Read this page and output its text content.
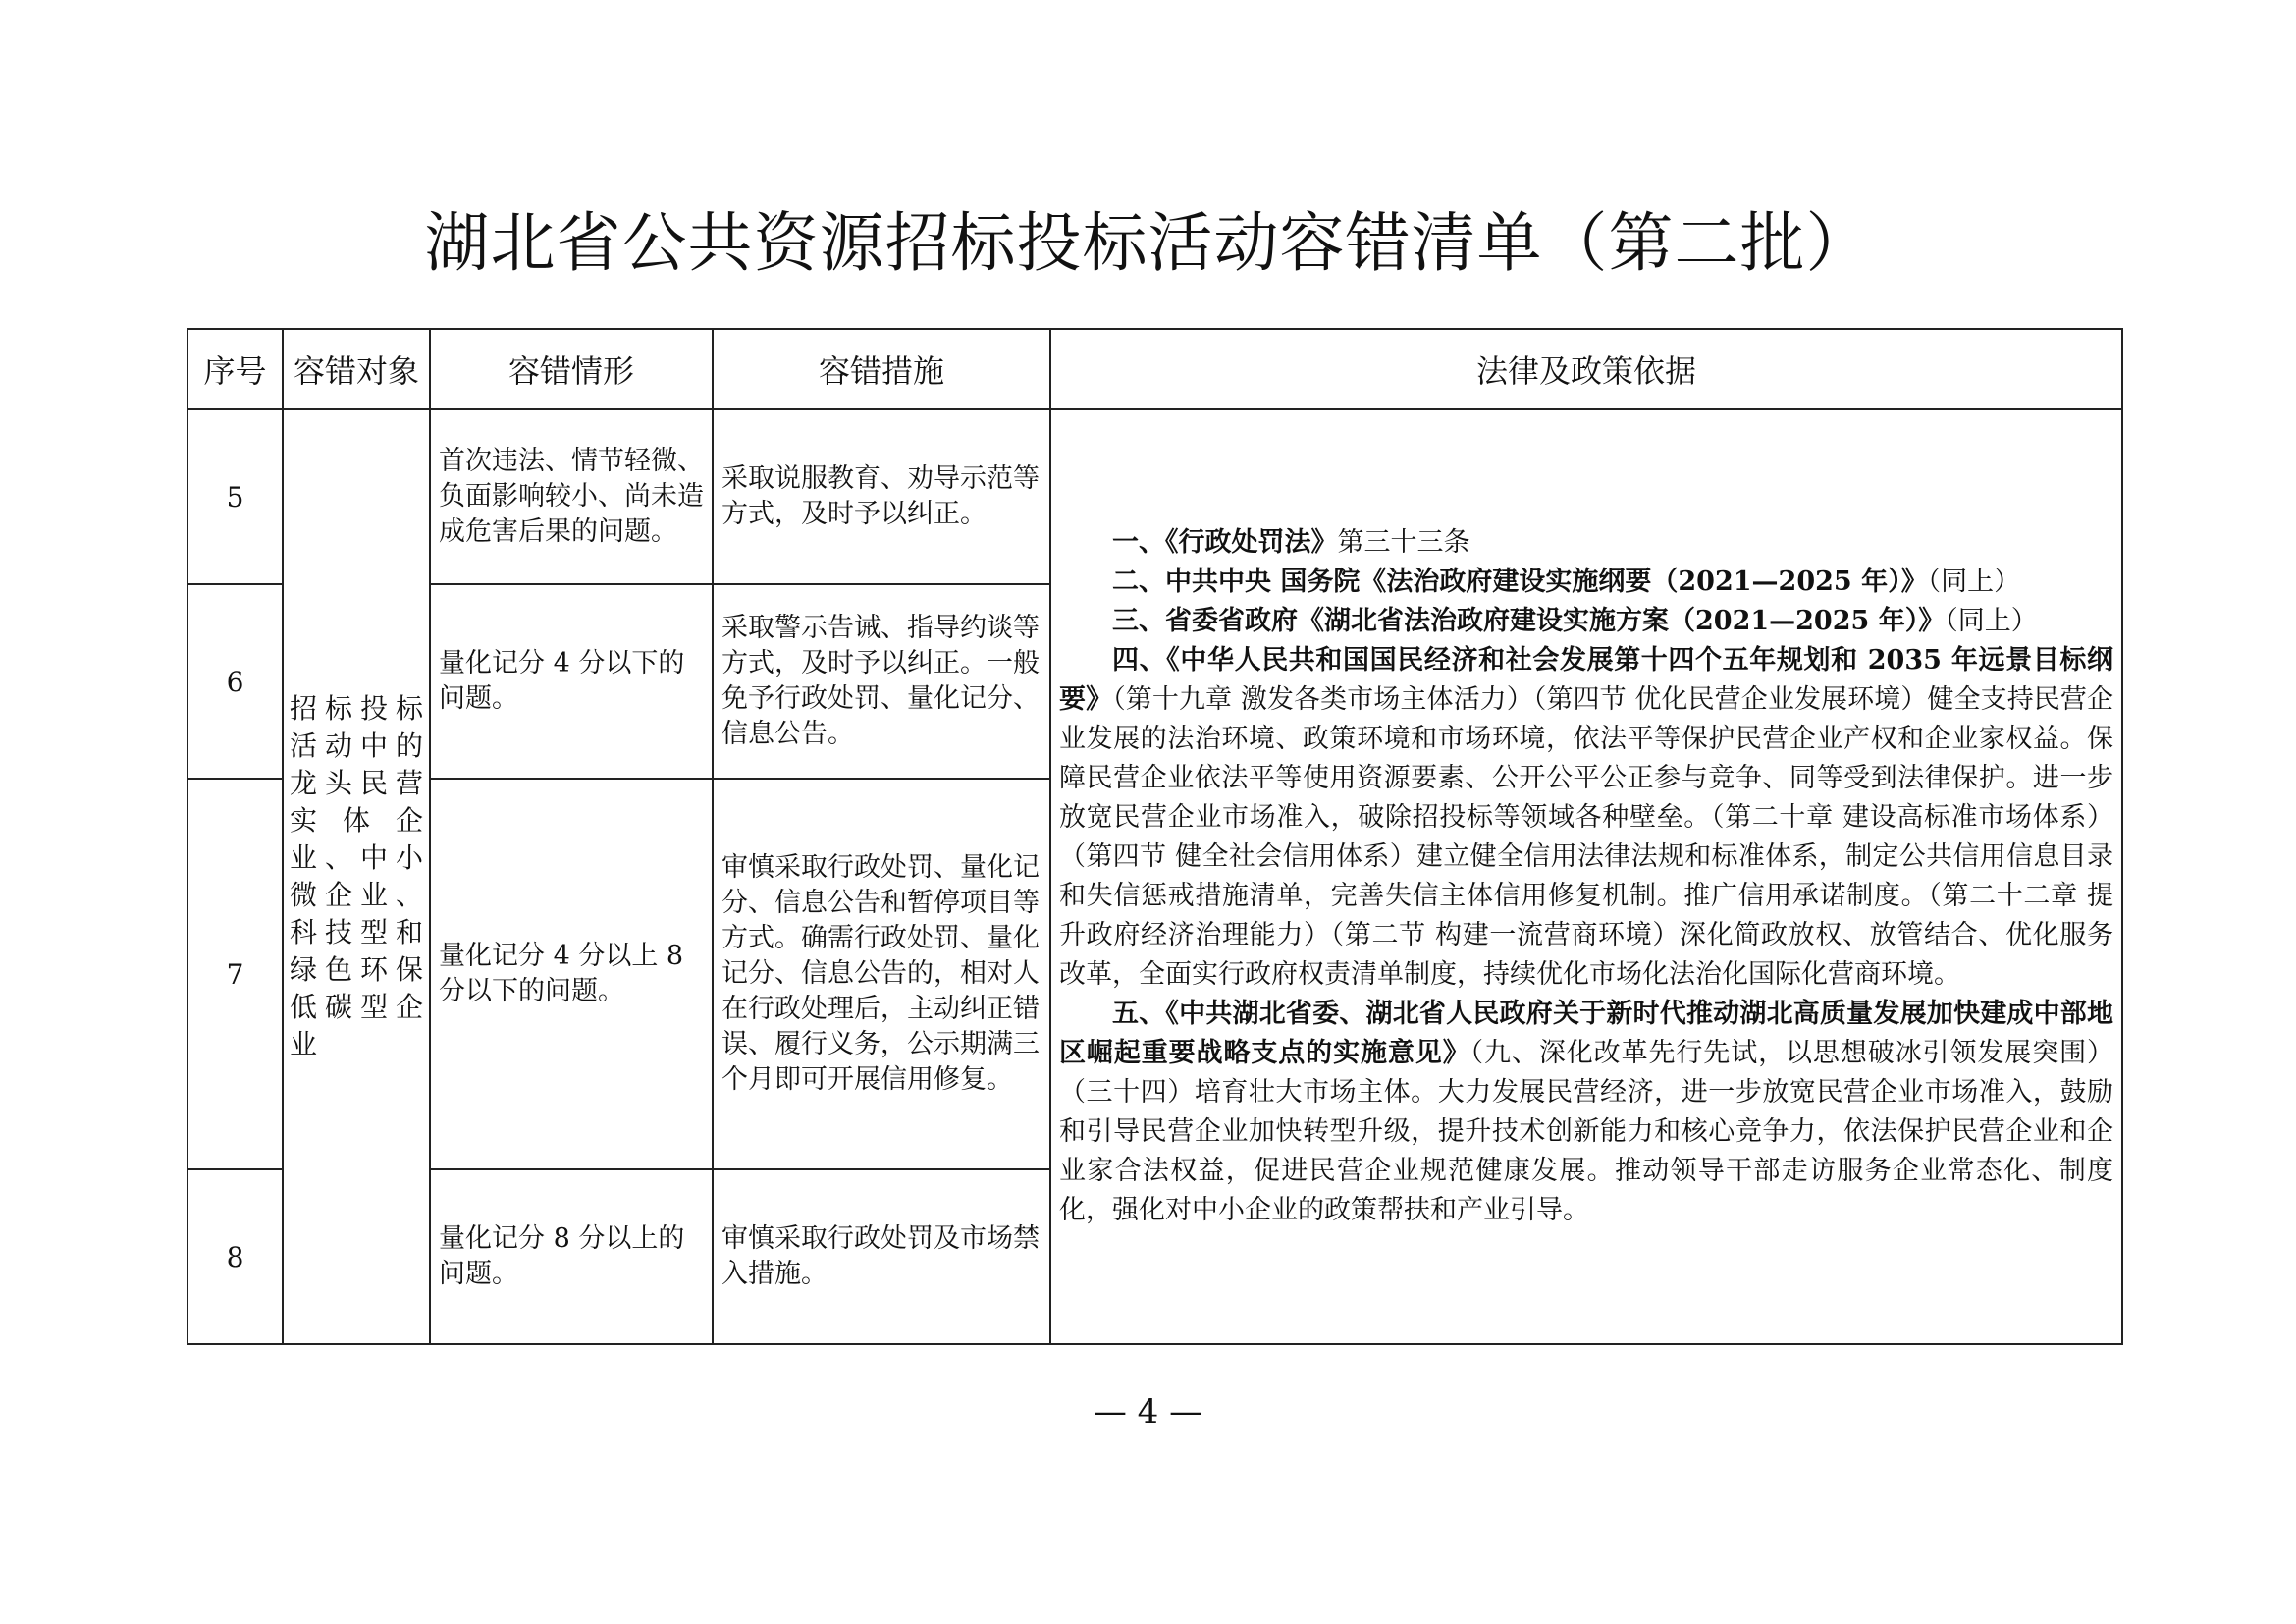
湖北省公共资源招标投标活动容错清单（第二批）
序号	容错对象	容错情形	容错措施	法律及政策依据
5	招标投标活动中的龙头民营实体企业、中小微企业、科技型和绿色环保低碳型企业	首次违法、情节轻微、负面影响较小、尚未造成危害后果的问题。	采取说服教育、劝导示范等方式，及时予以纠正。	一、《行政处罚法》第三十三条

二、中共中央 国务院《法治政府建设实施纲要（2021—2025 年）》（同上）

三、省委省政府《湖北省法治政府建设实施方案（2021—2025 年）》（同上）

四、《中华人民共和国国民经济和社会发展第十四个五年规划和 2035 年远景目标纲要》（第十九章 激发各类市场主体活力）（第四节 优化民营企业发展环境）健全支持民营企业发展的法治环境、政策环境和市场环境，依法平等保护民营企业产权和企业家权益。保障民营企业依法平等使用资源要素、公开公平公正参与竞争、同等受到法律保护。进一步放宽民营企业市场准入，破除招投标等领域各种壁垒。（第二十章 建设高标准市场体系）（第四节 健全社会信用体系）建立健全信用法律法规和标准体系，制定公共信用信息目录和失信惩戒措施清单，完善失信主体信用修复机制。推广信用承诺制度。（第二十二章 提升政府经济治理能力）（第二节 构建一流营商环境）深化简政放权、放管结合、优化服务改革，全面实行政府权责清单制度，持续优化市场化法治化国际化营商环境。

五、《中共湖北省委、湖北省人民政府关于新时代推动湖北高质量发展加快建成中部地区崛起重要战略支点的实施意见》（九、深化改革先行先试，以思想破冰引领发展突围）（三十四）培育壮大市场主体。大力发展民营经济，进一步放宽民营企业市场准入，鼓励和引导民营企业加快转型升级，提升技术创新能力和核心竞争力，依法保护民营企业和企业家合法权益，促进民营企业规范健康发展。推动领导干部走访服务企业常态化、制度化，强化对中小企业的政策帮扶和产业引导。

6		量化记分 4 分以下的问题。	采取警示告诫、指导约谈等方式，及时予以纠正。一般免予行政处罚、量化记分、信息公告。	
7		量化记分 4 分以上 8 分以下的问题。	审慎采取行政处罚、量化记分、信息公告和暂停项目等方式。确需行政处罚、量化记分、信息公告的，相对人在行政处理后，主动纠正错误、履行义务，公示期满三个月即可开展信用修复。	
8		量化记分 8 分以上的问题。	审慎采取行政处罚及市场禁入措施。	
— 4 —
